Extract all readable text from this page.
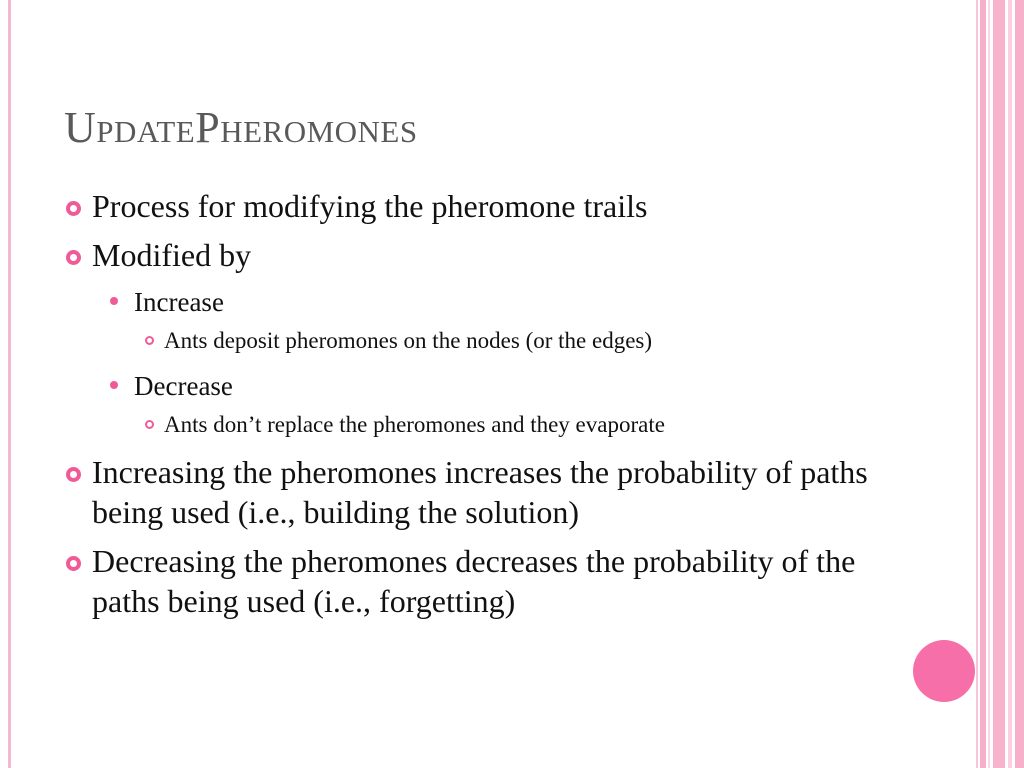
UpdatePheromones
Process for modifying the pheromone trails
Modified by
Increase
Ants deposit pheromones on the nodes (or the edges)
Decrease
Ants don’t replace the pheromones and they evaporate
Increasing the pheromones increases the probability of paths being used (i.e., building the solution)
Decreasing the pheromones decreases the probability of the paths being used (i.e., forgetting)
